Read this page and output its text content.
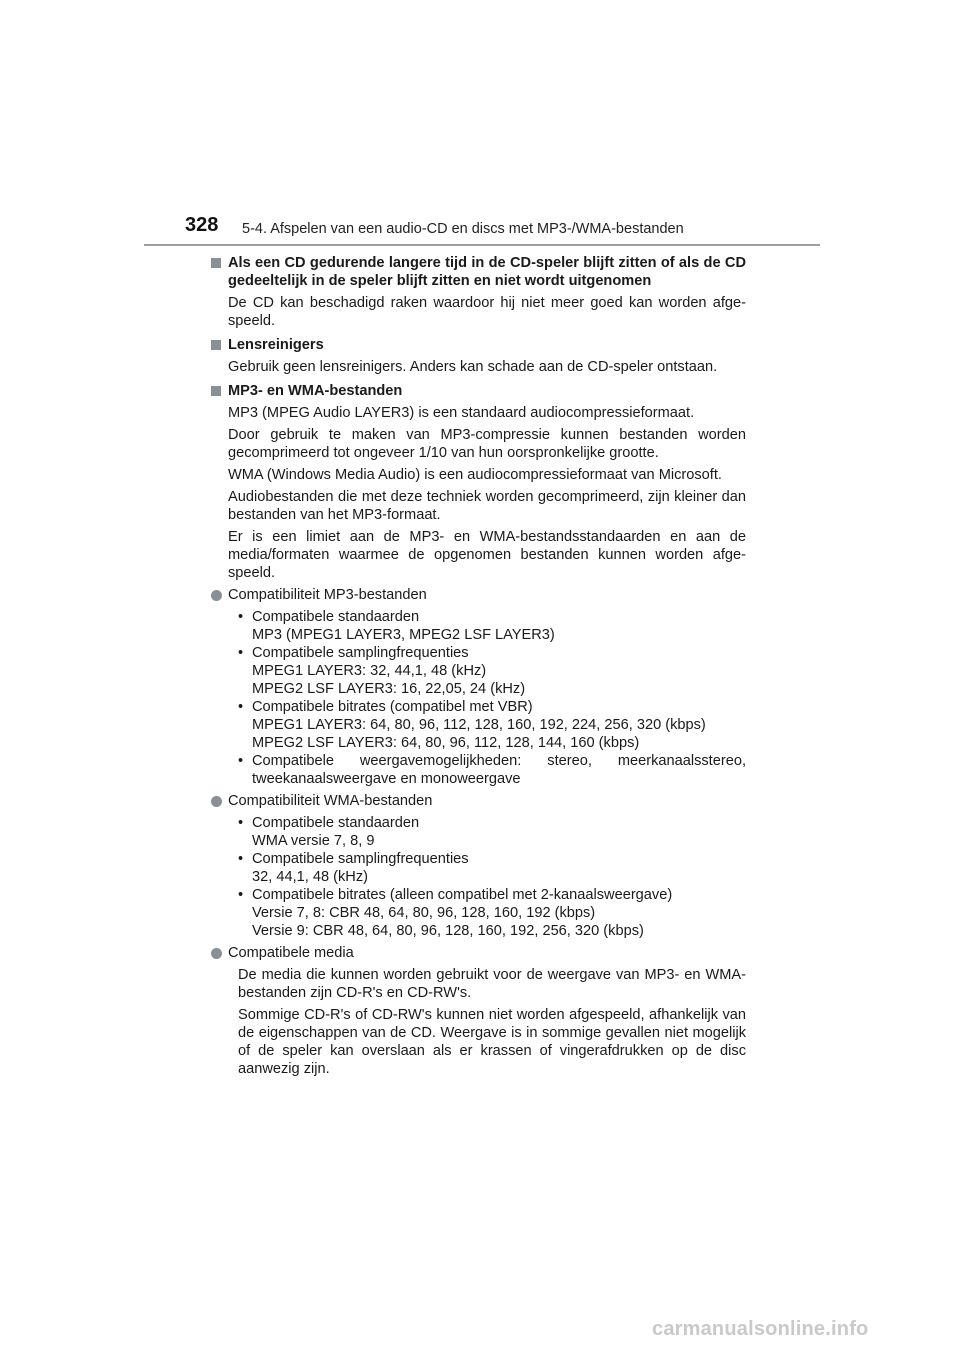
328 5-4. Afspelen van een audio-CD en discs met MP3-/WMA-bestanden
Als een CD gedurende langere tijd in de CD-speler blijft zitten of als de CD gedeeltelijk in de speler blijft zitten en niet wordt uitgenomen

De CD kan beschadigd raken waardoor hij niet meer goed kan worden afge-speeld.

Lensreinigers

Gebruik geen lensreinigers. Anders kan schade aan de CD-speler ontstaan.

MP3- en WMA-bestanden

MP3 (MPEG Audio LAYER3) is een standaard audiocompressieformaat.

Door gebruik te maken van MP3-compressie kunnen bestanden worden gecomprimeerd tot ongeveer 1/10 van hun oorspronkelijke grootte.

WMA (Windows Media Audio) is een audiocompressieformaat van Microsoft.

Audiobestanden die met deze techniek worden gecomprimeerd, zijn kleiner dan bestanden van het MP3-formaat.

Er is een limiet aan de MP3- en WMA-bestandsstandaarden en aan de media/formaten waarmee de opgenomen bestanden kunnen worden afge-speeld.

Compatibiliteit MP3-bestanden
• Compatibele standaarden
MP3 (MPEG1 LAYER3, MPEG2 LSF LAYER3)
• Compatibele samplingfrequenties
MPEG1 LAYER3: 32, 44,1, 48 (kHz)
MPEG2 LSF LAYER3: 16, 22,05, 24 (kHz)
• Compatibele bitrates (compatibel met VBR)
MPEG1 LAYER3: 64, 80, 96, 112, 128, 160, 192, 224, 256, 320 (kbps)
MPEG2 LSF LAYER3: 64, 80, 96, 112, 128, 144, 160 (kbps)
• Compatibele weergavemogelijkheden: stereo, meerkanaalsstereo,
tweekanaalsweergave en monoweergave
Compatibiliteit WMA-bestanden
• Compatibele standaarden
WMA versie 7, 8, 9
• Compatibele samplingfrequenties
32, 44,1, 48 (kHz)
• Compatibele bitrates (alleen compatibel met 2-kanaalsweergave)
Versie 7, 8: CBR 48, 64, 80, 96, 128, 160, 192 (kbps)
Versie 9: CBR 48, 64, 80, 96, 128, 160, 192, 256, 320 (kbps)
Compatibele media

De media die kunnen worden gebruikt voor de weergave van MP3- en WMA-bestanden zijn CD-R's en CD-RW's.

Sommige CD-R's of CD-RW's kunnen niet worden afgespeeld, afhankelijk van de eigenschappen van de CD. Weergave is in sommige gevallen niet mogelijk of de speler kan overslaan als er krassen of vingerafdrukken op de disc aanwezig zijn.

carmanualsonline.info
